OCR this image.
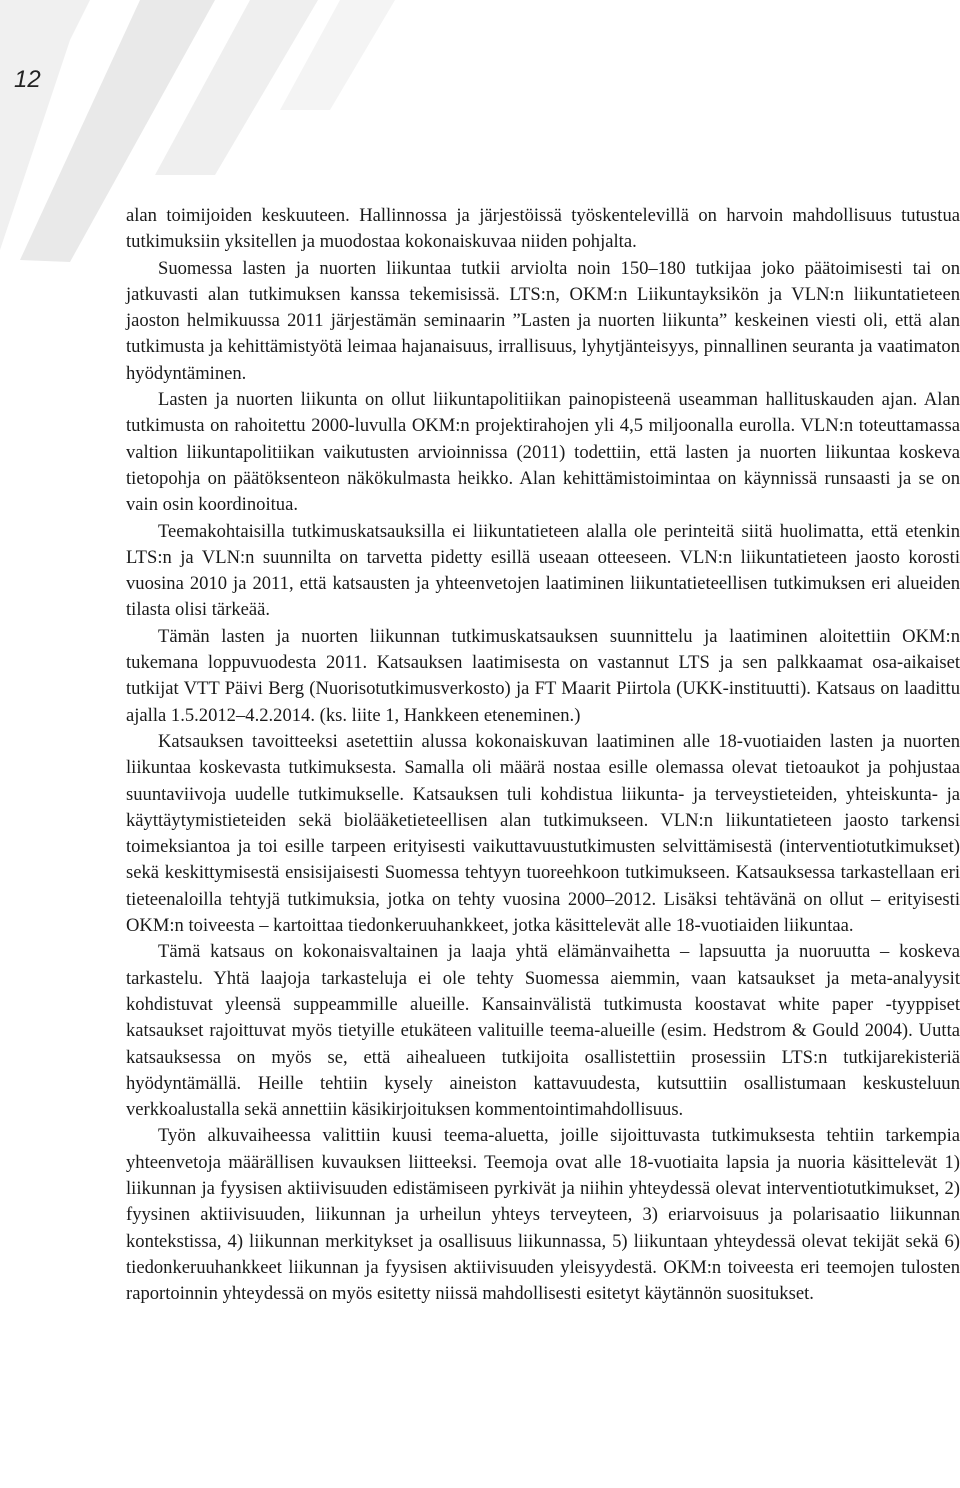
12

alan toimijoiden keskuuteen. Hallinnossa ja järjestöissä työskentelevillä on harvoin mahdollisuus tutustua tutkimuksiin yksitellen ja muodostaa kokonaiskuvaa niiden pohjalta.

Suomessa lasten ja nuorten liikuntaa tutkii arviolta noin 150–180 tutkijaa joko päätoimisesti tai on jatkuvasti alan tutkimuksen kanssa tekemisissä. LTS:n, OKM:n Liikuntayksikön ja VLN:n liikuntatieteen jaoston helmikuussa 2011 järjestämän seminaarin ”Lasten ja nuorten liikunta” keskeinen viesti oli, että alan tutkimusta ja kehittämistyötä leimaa hajanaisuus, irrallisuus, lyhytjänteisyys, pinnallinen seuranta ja vaatimaton hyödyntäminen.

Lasten ja nuorten liikunta on ollut liikuntapolitiikan painopisteenä useamman hallituskauden ajan. Alan tutkimusta on rahoitettu 2000-luvulla OKM:n projektirahojen yli 4,5 miljoonalla eurolla. VLN:n toteuttamassa valtion liikuntapolitiikan vaikutusten arvioinnissa (2011) todettiin, että lasten ja nuorten liikuntaa koskeva tietopohja on päätöksenteon näkökulmasta heikko. Alan kehittämistoimintaa on käynnissä runsaasti ja se on vain osin koordinoitua.

Teemakohtaisilla tutkimuskatsauksilla ei liikuntatieteen alalla ole perinteitä siitä huolimatta, että etenkin LTS:n ja VLN:n suunnilta on tarvetta pidetty esillä useaan otteeseen. VLN:n liikuntatieteen jaosto korosti vuosina 2010 ja 2011, että katsausten ja yhteenvetojen laatiminen liikuntatieteellisen tutkimuksen eri alueiden tilasta olisi tärkeää.

Tämän lasten ja nuorten liikunnan tutkimuskatsauksen suunnittelu ja laatiminen aloitettiin OKM:n tukemana loppuvuodesta 2011. Katsauksen laatimisesta on vastannut LTS ja sen palkkaamat osa-aikaiset tutkijat VTT Päivi Berg (Nuorisotutkimusverkosto) ja FT Maarit Piirtola (UKK-instituutti). Katsaus on laadittu ajalla 1.5.2012–4.2.2014. (ks. liite 1, Hankkeen eteneminen.)

Katsauksen tavoitteeksi asetettiin alussa kokonaiskuvan laatiminen alle 18-vuotiaiden lasten ja nuorten liikuntaa koskevasta tutkimuksesta. Samalla oli määrä nostaa esille olemassa olevat tietoaukot ja pohjustaa suuntaviivoja uudelle tutkimukselle. Katsauksen tuli kohdistua liikunta- ja terveystieteiden, yhteiskunta- ja käyttäytymistieteiden sekä biolääketieteellisen alan tutkimukseen. VLN:n liikuntatieteen jaosto tarkensi toimeksiantoa ja toi esille tarpeen erityisesti vaikuttavuustutkimusten selvittämisestä (interventiotutkimukset) sekä keskittymisestä ensisijaisesti Suomessa tehtyyn tuoreehkoon tutkimukseen. Katsauksessa tarkastellaan eri tieteenaloilla tehtyjä tutkimuksia, jotka on tehty vuosina 2000–2012. Lisäksi tehtävänä on ollut – erityisesti OKM:n toiveesta – kartoittaa tiedonkeruuhankkeet, jotka käsittelevät alle 18-vuotiaiden liikuntaa.

Tämä katsaus on kokonaisvaltainen ja laaja yhtä elämänvaihetta – lapsuutta ja nuoruutta – koskeva tarkastelu. Yhtä laajoja tarkasteluja ei ole tehty Suomessa aiemmin, vaan katsaukset ja meta-analyysit kohdistuvat yleensä suppeammille alueille. Kansainvälistä tutkimusta koostavat white paper -tyyppiset katsaukset rajoittuvat myös tietyille etukäteen valituille teema-alueille (esim. Hedstrom & Gould 2004). Uutta katsauksessa on myös se, että aihealueen tutkijoita osallistettiin prosessiin LTS:n tutkijarekisteriä hyödyntämällä. Heille tehtiin kysely aineiston kattavuudesta, kutsuttiin osallistumaan keskusteluun verkkoalustalla sekä annettiin käsikirjoituksen kommentointimahdollisuus.

Työn alkuvaiheessa valittiin kuusi teema-aluetta, joille sijoittuvasta tutkimuksesta tehtiin tarkempia yhteenvetoja määrällisen kuvauksen liitteeksi. Teemoja ovat alle 18-vuotiaita lapsia ja nuoria käsittelevät 1) liikunnan ja fyysisen aktiivisuuden edistämiseen pyrkivät ja niihin yhteydessä olevat interventiotutkimukset, 2) fyysinen aktiivisuuden, liikunnan ja urheilun yhteys terveyteen, 3) eriarvoisuus ja polarisaatio liikunnan kontekstissa, 4) liikunnan merkitykset ja osallisuus liikunnassa, 5) liikuntaan yhteydessä olevat tekijät sekä 6) tiedonkeruuhankkeet liikunnan ja fyysisen aktiivisuuden yleisyydestä. OKM:n toiveesta eri teemojen tulosten raportoinnin yhteydessä on myös esitetty niissä mahdollisesti esitetyt käytännön suositukset.
